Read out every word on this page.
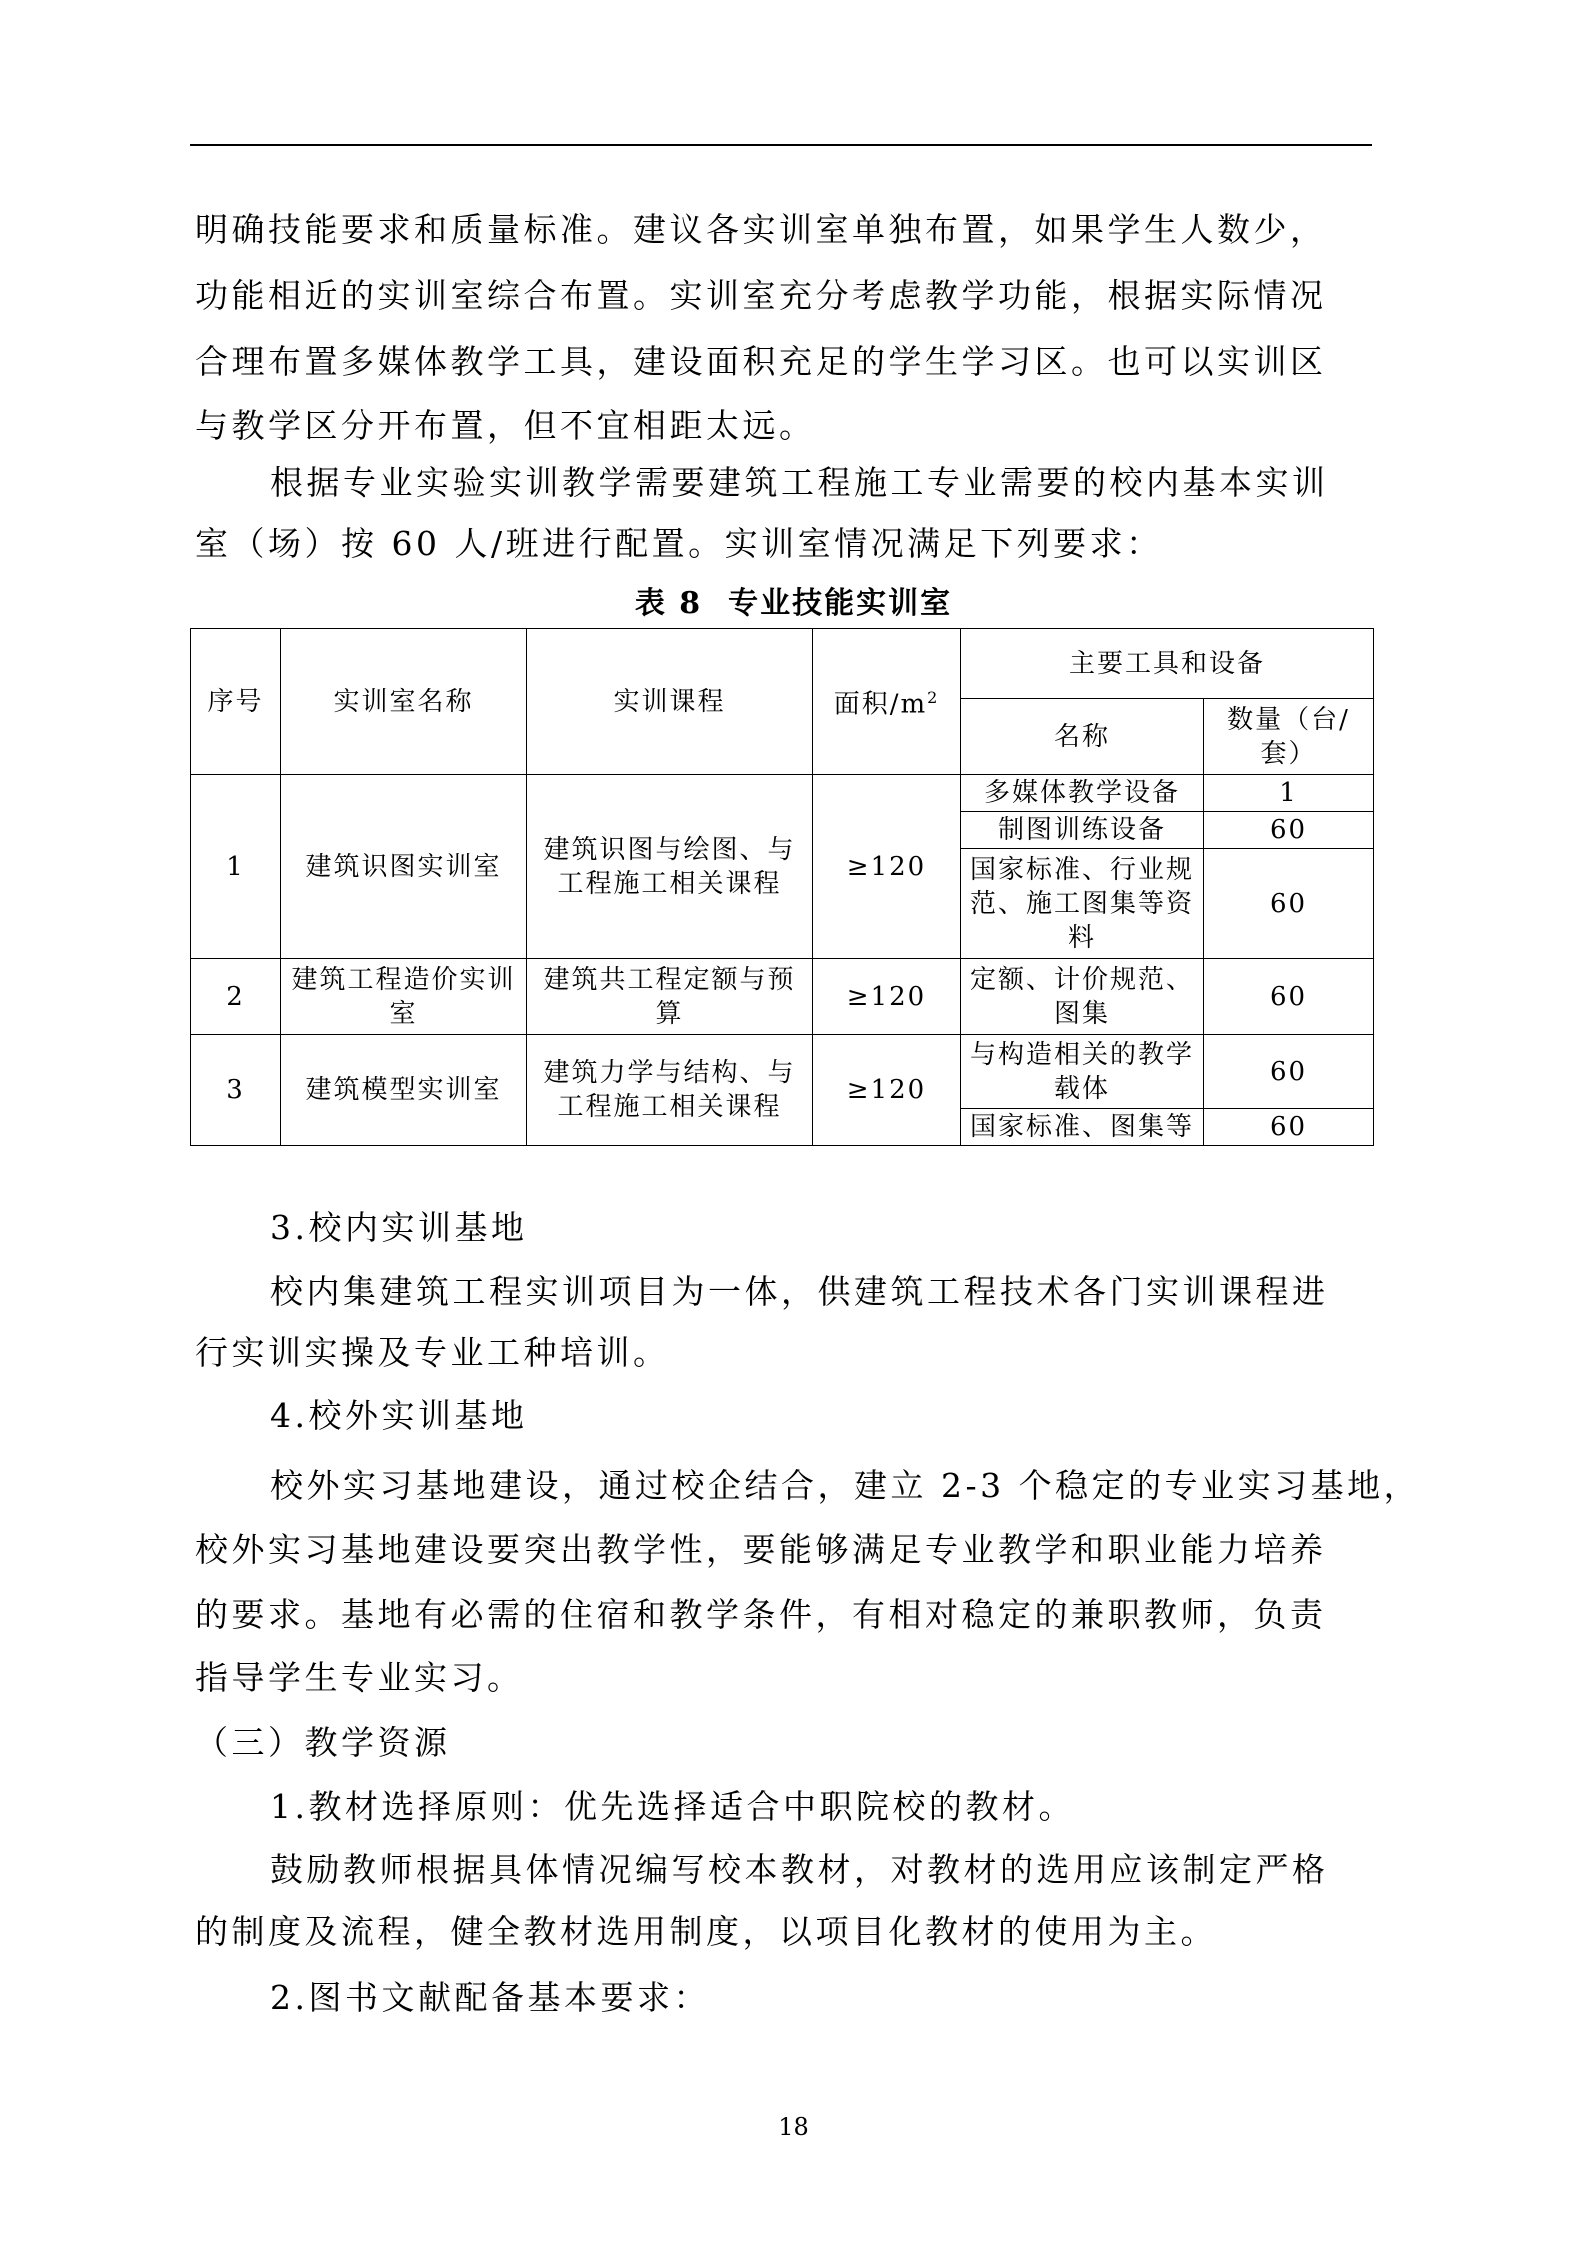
明确技能要求和质量标准。建议各实训室单独布置，如果学生人数少，
功能相近的实训室综合布置。实训室充分考虑教学功能，根据实际情况
合理布置多媒体教学工具，建设面积充足的学生学习区。也可以实训区
与教学区分开布置，但不宜相距太远。
根据专业实验实训教学需要建筑工程施工专业需要的校内基本实训
室（场）按 60 人/班进行配置。实训室情况满足下列要求：
表 8 专业技能实训室
序号	实训室名称	实训课程	面积$/m^2$	主要工具和设备	
				名称	数量（台/套）
1	建筑识图实训室	建筑识图与绘图、与工程施工相关课程	≥120	多媒体教学设备	1
				制图训练设备	60
				国家标准、行业规范、施工图集等资料	60
2	建筑工程造价实训室	建筑共工程定额与预算	≥120	定额、计价规范、图集	60
3	建筑模型实训室	建筑力学与结构、与工程施工相关课程	≥120	与构造相关的教学载体	60
				国家标准、图集等	60
3.校内实训基地
校内集建筑工程实训项目为一体，供建筑工程技术各门实训课程进
行实训实操及专业工种培训。
4.校外实训基地
校外实习基地建设，通过校企结合，建立 2-3 个稳定的专业实习基地，
校外实习基地建设要突出教学性，要能够满足专业教学和职业能力培养
的要求。基地有必需的住宿和教学条件，有相对稳定的兼职教师，负责
指导学生专业实习。
（三）教学资源
1.教材选择原则：优先选择适合中职院校的教材。
鼓励教师根据具体情况编写校本教材，对教材的选用应该制定严格
的制度及流程，健全教材选用制度，以项目化教材的使用为主。
2.图书文献配备基本要求：
18
